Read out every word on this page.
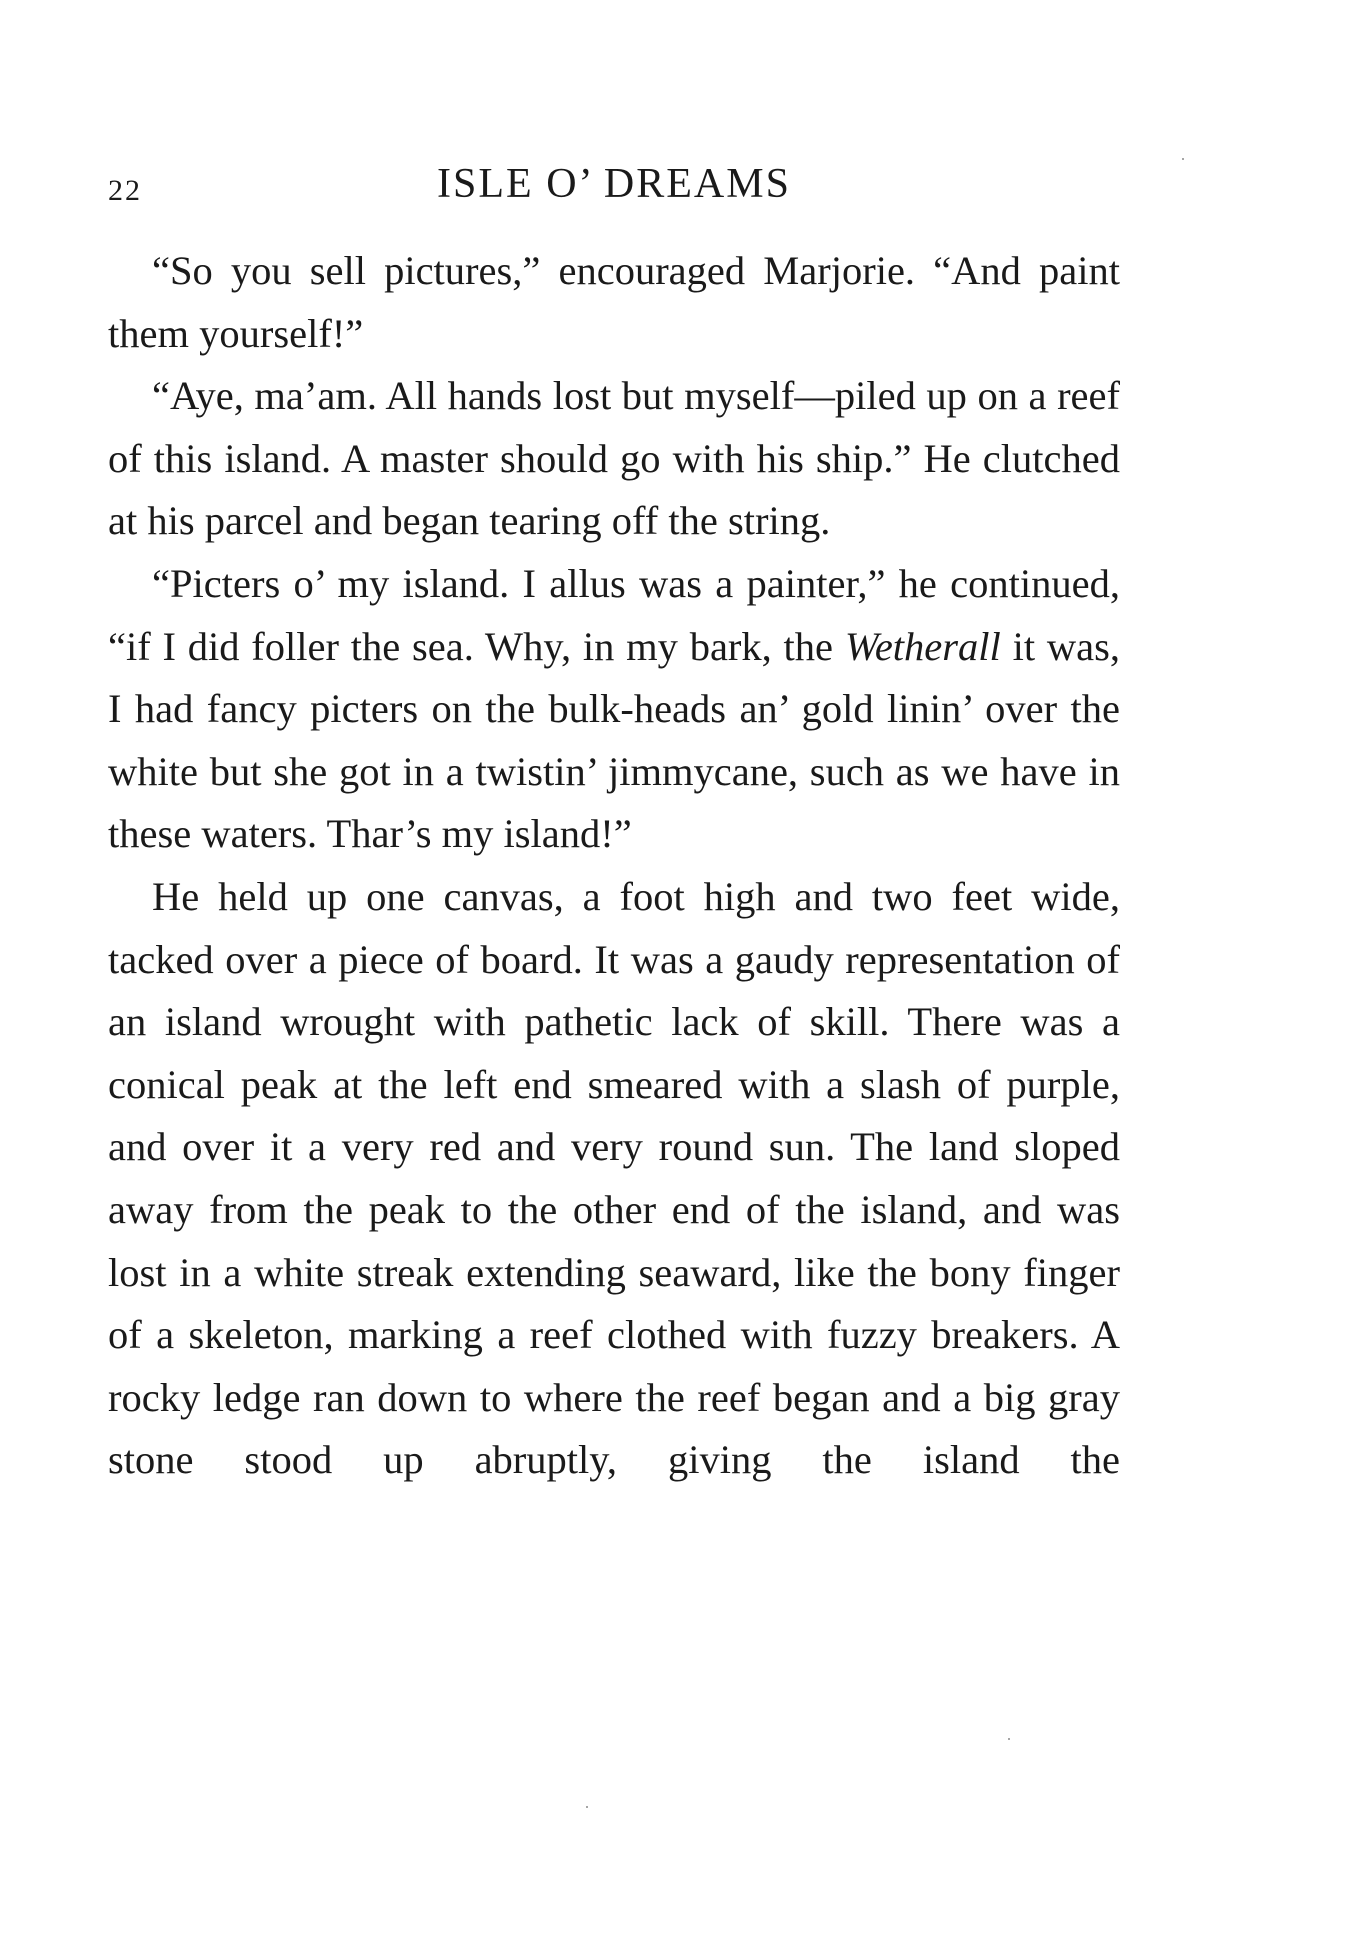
22	ISLE O’ DREAMS

“So you sell pictures,” encouraged Marjorie. “And paint them yourself!”

“Aye, ma’am. All hands lost but myself—piled up on a reef of this island. A master should go with his ship.” He clutched at his parcel and began tearing off the string.

“Picters o’ my island. I allus was a painter,” he continued, “if I did foller the sea. Why, in my bark, the Wetherall it was, I had fancy picters on the bulk-heads an’ gold linin’ over the white but she got in a twistin’ jimmycane, such as we have in these waters. Thar’s my island!”

He held up one canvas, a foot high and two feet wide, tacked over a piece of board. It was a gaudy representation of an island wrought with pathetic lack of skill. There was a conical peak at the left end smeared with a slash of purple, and over it a very red and very round sun. The land sloped away from the peak to the other end of the island, and was lost in a white streak extending seaward, like the bony finger of a skeleton, marking a reef clothed with fuzzy breakers. A rocky ledge ran down to where the reef began and a big gray stone stood up abruptly, giving the island the
